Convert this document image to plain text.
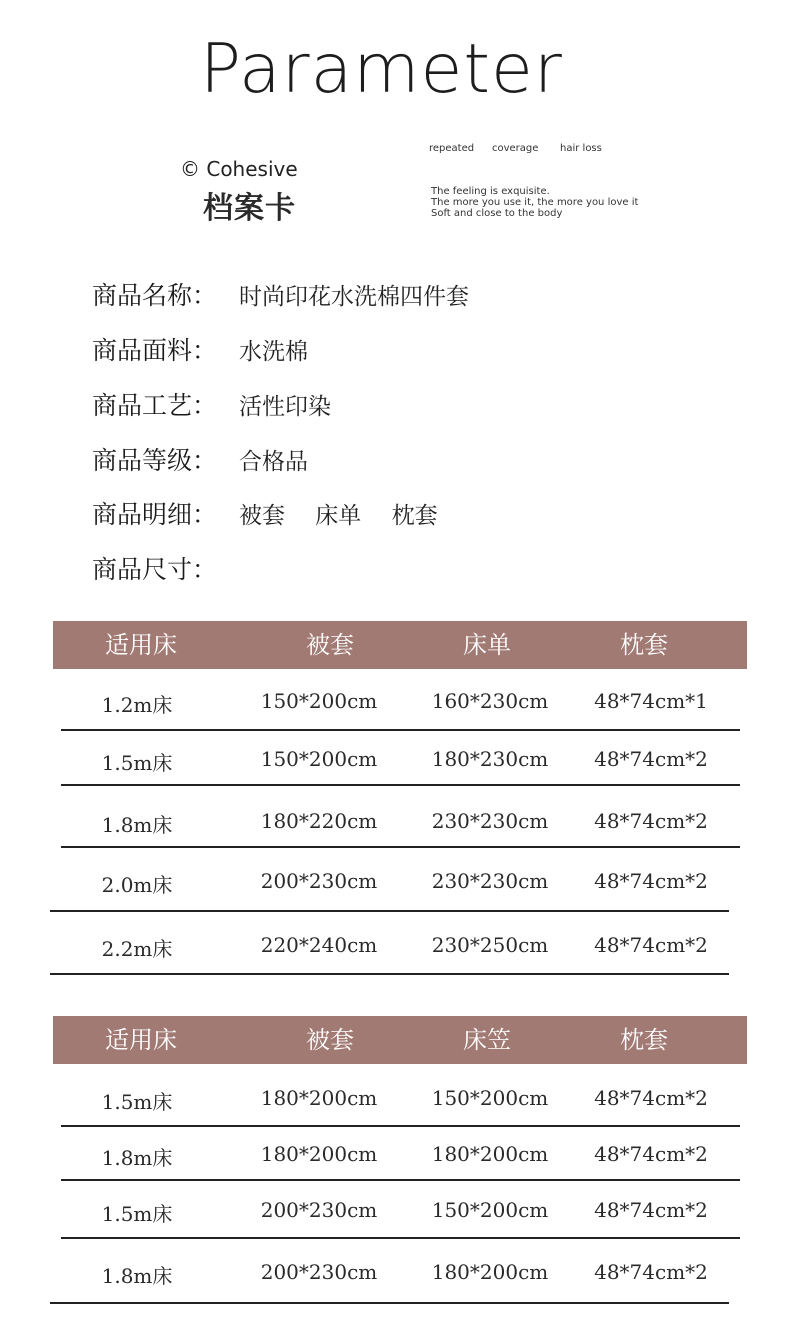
Parameter
repeated coverage hair loss
© Cohesive
档案卡	The feeling is exquisite.
The more you use it, the more you love it
Soft and close to the body
商品名称： 时尚印花水洗棉四件套
商品面料： 水洗棉
商品工艺： 活性印染
商品等级： 合格品
商品明细： 被套　 床单　 枕套
商品尺寸：
适用床	被套	床单	枕套
1.2m床	150*200cm	160*230cm	48*74cm*1
1.5m床	150*200cm	180*230cm	48*74cm*2
1.8m床	180*220cm	230*230cm	48*74cm*2
2.0m床	200*230cm	230*230cm	48*74cm*2
2.2m床	220*240cm	230*250cm	48*74cm*2
适用床	被套	床笠	枕套
1.5m床	180*200cm	150*200cm	48*74cm*2
1.8m床	180*200cm	180*200cm	48*74cm*2
1.5m床	200*230cm	150*200cm	48*74cm*2
1.8m床	200*230cm	180*200cm	48*74cm*2
